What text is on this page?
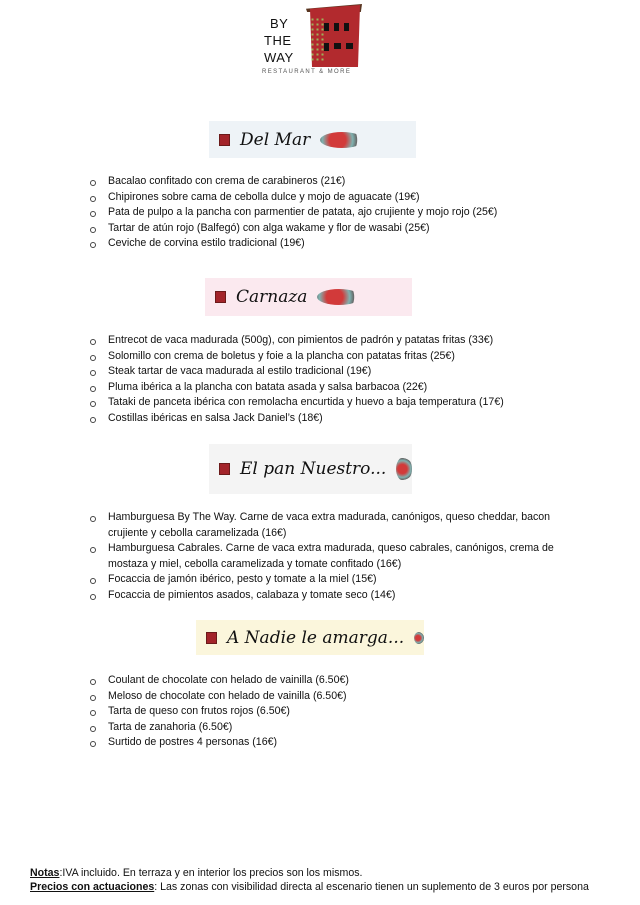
BY
THE
WAY
RESTAURANT & MORE
Del Mar
Bacalao confitado con crema de carabineros (21€)
Chipirones sobre cama de cebolla dulce y mojo de aguacate (19€)
Pata de pulpo a la pancha con parmentier de patata, ajo crujiente y mojo rojo (25€)
Tartar de atún rojo (Balfegó) con alga wakame y flor de wasabi (25€)
Ceviche de corvina estilo tradicional (19€)
Carnaza
Entrecot de vaca madurada (500g), con pimientos de padrón y patatas fritas (33€)
Solomillo con crema de boletus y foie a la plancha con patatas fritas (25€)
Steak tartar de vaca madurada al estilo tradicional (19€)
Pluma ibérica a la plancha con batata asada y salsa barbacoa (22€)
Tataki de panceta ibérica con remolacha encurtida y huevo a baja temperatura (17€)
Costillas ibéricas en salsa Jack Daniel’s (18€)
El pan Nuestro...
Hamburguesa By The Way. Carne de vaca extra madurada, canónigos, queso cheddar, bacon crujiente y cebolla caramelizada (16€)
Hamburguesa Cabrales. Carne de vaca extra madurada, queso cabrales, canónigos, crema de mostaza y miel, cebolla caramelizada y tomate confitado (16€)
Focaccia de jamón ibérico, pesto y tomate a la miel (15€)
Focaccia de pimientos asados, calabaza y tomate seco (14€)
A Nadie le amarga...
Coulant de chocolate con helado de vainilla (6.50€)
Meloso de chocolate con helado de vainilla (6.50€)
Tarta de queso con frutos rojos (6.50€)
Tarta de zanahoria (6.50€)
Surtido de postres 4 personas (16€)
Notas:IVA incluido. En terraza y en interior los precios son los mismos.
Precios con actuaciones: Las zonas con visibilidad directa al escenario tienen un suplemento de 3 euros por persona
